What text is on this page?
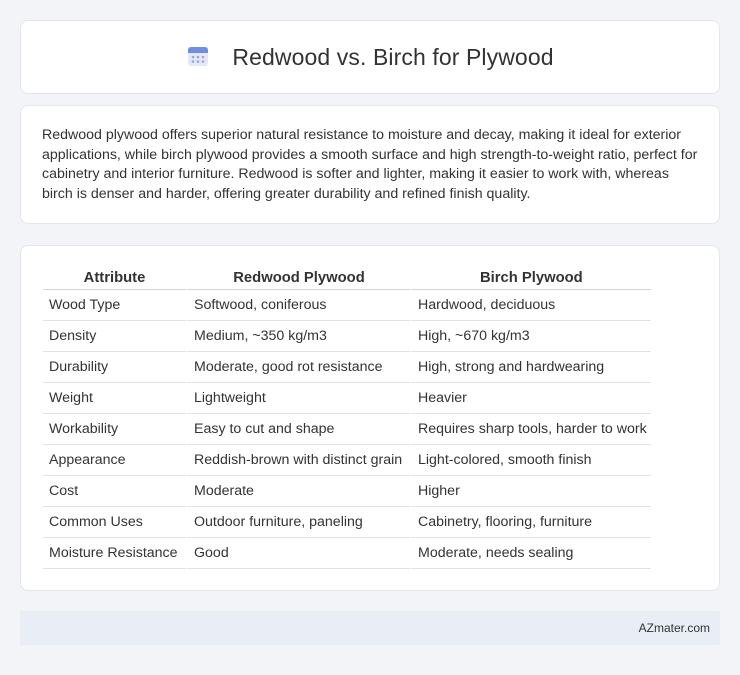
Redwood vs. Birch for Plywood

Redwood plywood offers superior natural resistance to moisture and decay, making it ideal for exterior applications, while birch plywood provides a smooth surface and high strength-to-weight ratio, perfect for cabinetry and interior furniture. Redwood is softer and lighter, making it easier to work with, whereas birch is denser and harder, offering greater durability and refined finish quality.

Attribute	Redwood Plywood	Birch Plywood
Wood Type	Softwood, coniferous	Hardwood, deciduous
Density	Medium, ~350 kg/m3	High, ~670 kg/m3
Durability	Moderate, good rot resistance	High, strong and hardwearing
Weight	Lightweight	Heavier
Workability	Easy to cut and shape	Requires sharp tools, harder to work
Appearance	Reddish-brown with distinct grain	Light-colored, smooth finish
Cost	Moderate	Higher
Common Uses	Outdoor furniture, paneling	Cabinetry, flooring, furniture
Moisture Resistance	Good	Moderate, needs sealing
AZmater.com
